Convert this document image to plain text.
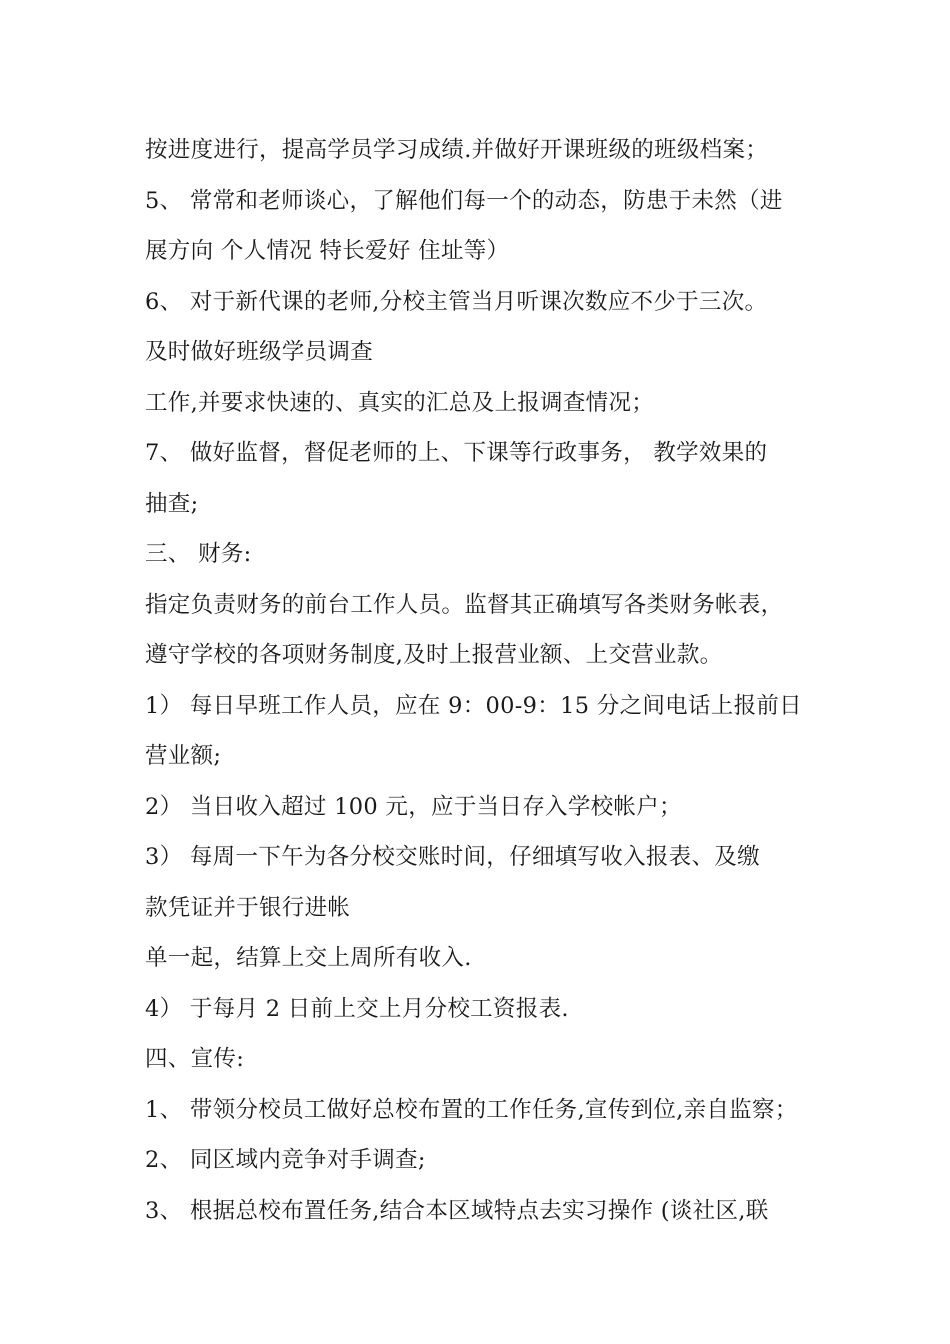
按进度进行，提高学员学习成绩.并做好开课班级的班级档案；
5、 常常和老师谈心，了解他们每一个的动态，防患于未然（进
展方向 个人情况 特长爱好 住址等）
6、 对于新代课的老师,分校主管当月听课次数应不少于三次。
及时做好班级学员调查
工作,并要求快速的、真实的汇总及上报调查情况；
7、 做好监督，督促老师的上、下课等行政事务， 教学效果的
抽查;
三、 财务:
指定负责财务的前台工作人员。监督其正确填写各类财务帐表，
遵守学校的各项财务制度,及时上报营业额、上交营业款。
1） 每日早班工作人员，应在 9：00-9：15 分之间电话上报前日
营业额;
2） 当日收入超过 100 元，应于当日存入学校帐户；
3） 每周一下午为各分校交账时间，仔细填写收入报表、及缴
款凭证并于银行进帐
单一起，结算上交上周所有收入.
4） 于每月 2 日前上交上月分校工资报表.
四、宣传:
1、 带领分校员工做好总校布置的工作任务,宣传到位,亲自监察；
2、 同区域内竞争对手调查;
3、 根据总校布置任务,结合本区域特点去实习操作 (谈社区,联
